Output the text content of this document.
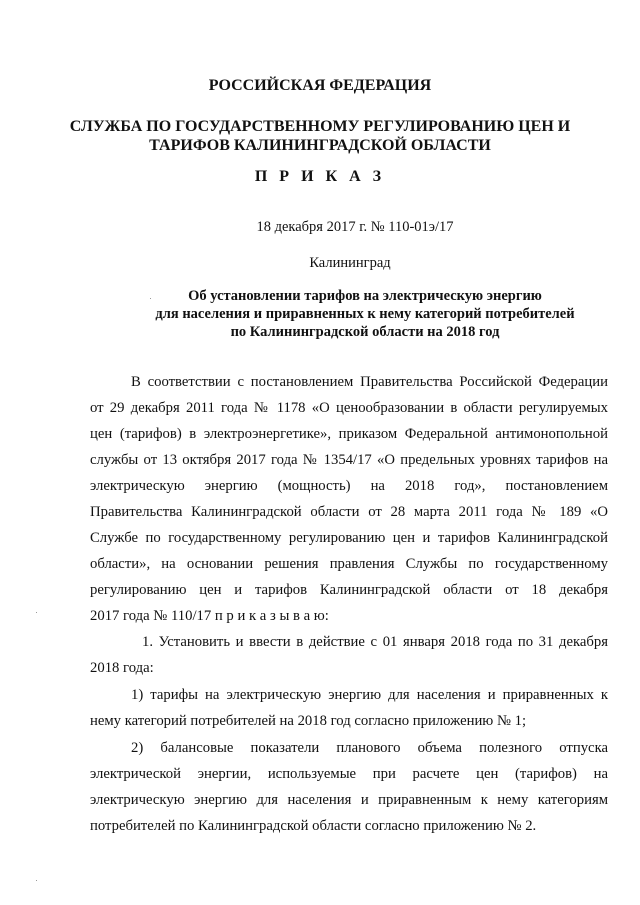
РОССИЙСКАЯ ФЕДЕРАЦИЯ
СЛУЖБА ПО ГОСУДАРСТВЕННОМУ РЕГУЛИРОВАНИЮ ЦЕН И
ТАРИФОВ КАЛИНИНГРАДСКОЙ ОБЛАСТИ
П Р И К А З
18 декабря 2017 г. № 110-01э/17
Калининград
Об установлении тарифов на электрическую энергию
для населения и приравненных к нему категорий потребителей
по Калининградской области на 2018 год
В соответствии с постановлением Правительства Российской Федерации
от 29 декабря 2011 года № 1178 «О ценообразовании в области регулируемых
цен (тарифов) в электроэнергетике», приказом Федеральной антимонопольной
службы от 13 октября 2017 года № 1354/17 «О предельных уровнях тарифов на
электрическую энергию (мощность) на 2018 год», постановлением
Правительства Калининградской области от 28 марта 2011 года № 189 «О
Службе по государственному регулированию цен и тарифов Калининградской
области», на основании решения правления Службы по государственному
регулированию цен и тарифов Калининградской области от 18 декабря
2017 года № 110/17 п р и к а з ы в а ю:
1. Установить и ввести в действие с 01 января 2018 года по 31 декабря
2018 года:
1) тарифы на электрическую энергию для населения и приравненных к
нему категорий потребителей на 2018 год согласно приложению № 1;
2) балансовые показатели планового объема полезного отпуска
электрической энергии, используемые при расчете цен (тарифов) на
электрическую энергию для населения и приравненным к нему категориям
потребителей по Калининградской области согласно приложению № 2.
